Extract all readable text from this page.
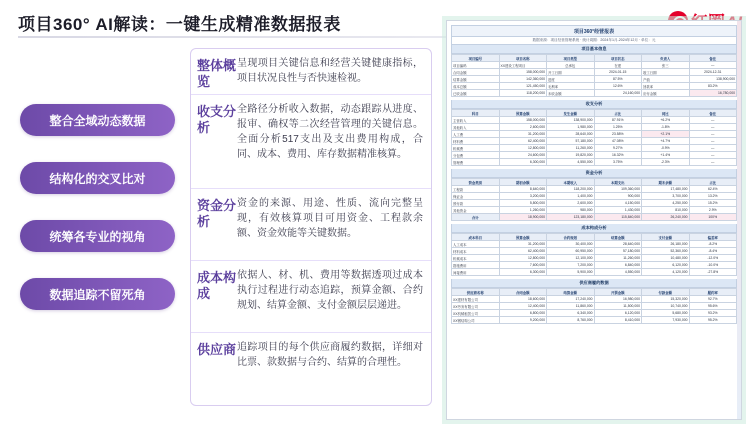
项目360° AI解读：一键生成精准数据报表
整合全域动态数据
结构化的交叉比对
统筹各专业的视角
数据追踪不留死角
整体概览
呈现项目关键信息和经营关键健康指标，项目状况良性与否快速检视。
收支分析
全路径分析收入数据，动态跟踪从进度、报审、确权等二次经营管理的关键信息。全面分析517支出及支出费用构成，合同、成本、费用、库存数据精准核算。
资金分析
资金的来源、用途、性质、流向完整呈现，有效核算项目可用资金、工程款余额、资金效能等关键数据。
成本构成
依据人、材、机、费用等数据透项过成本执行过程进行动态追踪，预算金额、合约规划、结算金额、支付金额层层递进。
供应商 追踪项目的每个供应商履约数据，详细对比票、款数据与合约、结算的合理性。
项目360°经营报表
数据来源：项目经营管理系统 · 统计周期：2024年1月-2024年12月 · 单位：元
项目基本信息
项目编号	项目名称	项目类型	项目状态	负责人	备注
项目编码	XX建设工程项目	总承包	在建	张三	—
合同金额	158,000,000	开工日期	2024-01-15	竣工日期	2024-12-31
结算金额	142,360,000	进度	87.5%	产值	138,900,000
成本总额	121,450,000	毛利率	12.6%	回款率	83.2%
已收金额	118,200,000	未收金额	24,160,000	应付金额	16,780,000
收支分析
科目	预算金额	发生金额	占比	同比	备注
主营收入	158,000,000	138,900,000	87.91%	+6.2%	—
其他收入	2,600,000	1,980,000	1.25%	-1.8%	—
人工费	31,200,000	28,640,000	23.58%	+2.1%	—
材料费	62,400,000	57,180,000	47.08%	+4.7%	—
机械费	12,800,000	11,260,000	9.27%	-0.9%	—
分包费	24,600,000	19,820,000	16.32%	+1.4%	—
管理费	6,300,000	4,550,000	3.75%	-2.3%	—
资金分析
资金类别	期初余额	本期收入	本期支出	期末余额	占比
工程款	8,640,000	118,200,000	109,360,000	17,480,000	62.4%
保证金	3,200,000	1,400,000	900,000	3,700,000	13.2%
预付款	5,800,000	2,600,000	4,150,000	4,250,000	15.2%
其他资金	1,260,000	980,000	1,430,000	810,000	2.9%
合计	18,900,000	123,180,000	115,840,000	26,240,000	100%
成本构成分析
成本科目	预算金额	合约规划	结算金额	支付金额	偏差率
人工成本	31,200,000	30,400,000	28,640,000	26,180,000	-8.2%
材料成本	62,400,000	60,950,000	57,180,000	52,360,000	-8.4%
机械成本	12,800,000	12,100,000	11,260,000	10,480,000	-12.0%
措施费用	7,600,000	7,200,000	6,840,000	6,120,000	-10.0%
间接费用	6,300,000	5,900,000	4,550,000	4,120,000	-27.8%
供应商履约数据
供应商名称	合同金额	结算金额	开票金额	付款金额	履约率
XX建材有限公司	18,600,000	17,240,000	16,980,000	15,320,000	92.7%
XX劳务有限公司	12,400,000	11,860,000	11,500,000	10,740,000	95.6%
XX机械租赁公司	6,800,000	6,340,000	6,120,000	5,680,000	93.2%
XX钢结构公司	9,200,000	8,760,000	8,410,000	7,930,000	95.2%
